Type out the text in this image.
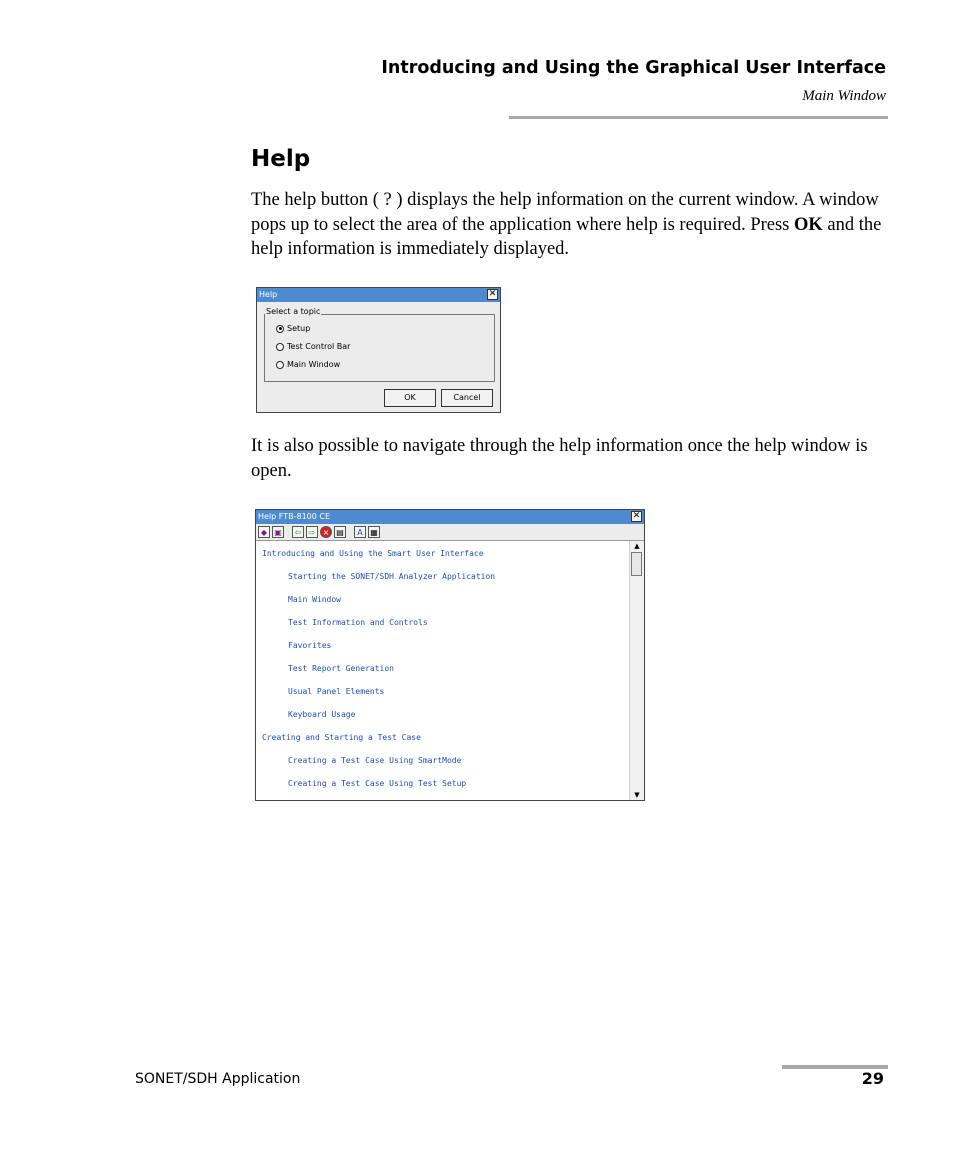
Introducing and Using the Graphical User Interface
Main Window
Help

The help button ( ? ) displays the help information on the current window. A window pops up to select the area of the application where help is required. Press OK and the help information is immediately displayed.

Help	✕
Select a topic
Setup
Test Control Bar
Main Window
OK	Cancel

It is also possible to navigate through the help information once the help window is open.

Help FTB-8100 CE	✕
◆ ▣	⇦ ⇨ × ▤	A ▦
Introducing and Using the Smart User Interface
Starting the SONET/SDH Analyzer Application
Main Window
Test Information and Controls
Favorites
Test Report Generation
Usual Panel Elements
Keyboard Usage
Creating and Starting a Test Case
Creating a Test Case Using SmartMode
Creating a Test Case Using Test Setup
▲
▼
SONET/SDH Application	29
